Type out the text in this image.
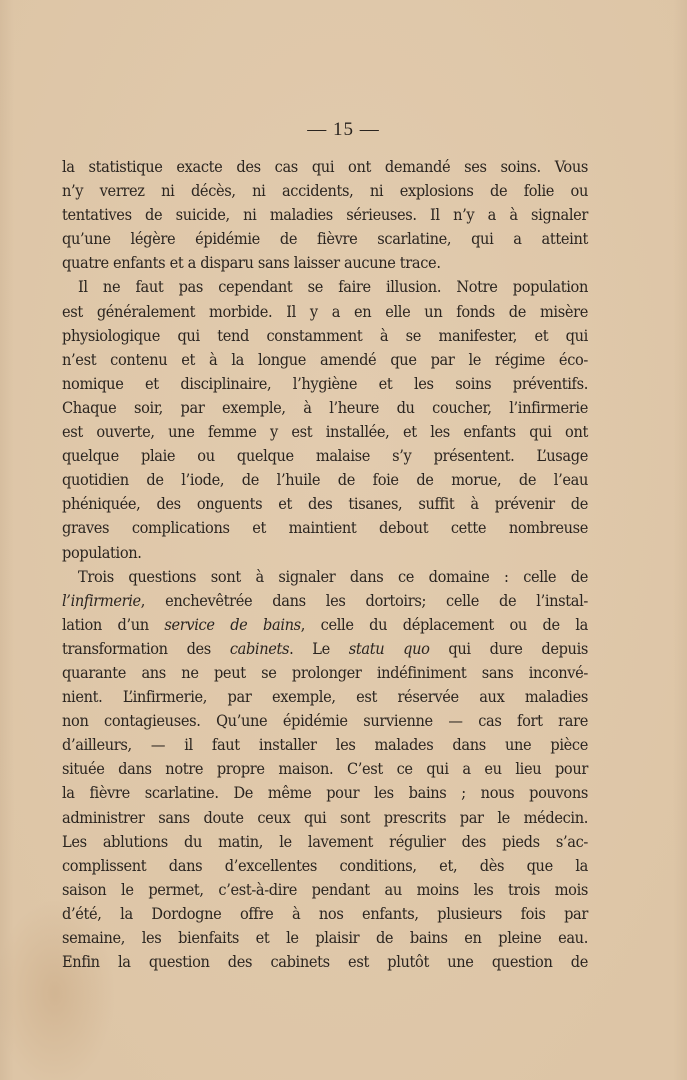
— 15 —
la statistique exacte des cas qui ont demandé ses soins. Vous
n’y verrez ni décès, ni accidents, ni explosions de folie ou
tentatives de suicide, ni maladies sérieuses. Il n’y a à signaler
qu’une légère épidémie de fièvre scarlatine, qui a atteint
quatre enfants et a disparu sans laisser aucune trace.
Il ne faut pas cependant se faire illusion. Notre population
est généralement morbide. Il y a en elle un fonds de misère
physiologique qui tend constamment à se manifester, et qui
n’est contenu et à la longue amendé que par le régime éco-
nomique et disciplinaire, l’hygiène et les soins préventifs.
Chaque soir, par exemple, à l’heure du coucher, l’infirmerie
est ouverte, une femme y est installée, et les enfants qui ont
quelque plaie ou quelque malaise s’y présentent. L’usage
quotidien de l’iode, de l’huile de foie de morue, de l’eau
phéniquée, des onguents et des tisanes, suffit à prévenir de
graves complications et maintient debout cette nombreuse
population.
Trois questions sont à signaler dans ce domaine : celle de
l’infirmerie, enchevêtrée dans les dortoirs; celle de l’instal-
lation d’un service de bains, celle du déplacement ou de la
transformation des cabinets. Le statu quo qui dure depuis
quarante ans ne peut se prolonger indéfiniment sans inconvé-
nient. L’infirmerie, par exemple, est réservée aux maladies
non contagieuses. Qu’une épidémie survienne — cas fort rare
d’ailleurs, — il faut installer les malades dans une pièce
située dans notre propre maison. C’est ce qui a eu lieu pour
la fièvre scarlatine. De même pour les bains ; nous pouvons
administrer sans doute ceux qui sont prescrits par le médecin.
Les ablutions du matin, le lavement régulier des pieds s’ac-
complissent dans d’excellentes conditions, et, dès que la
saison le permet, c’est-à-dire pendant au moins les trois mois
d’été, la Dordogne offre à nos enfants, plusieurs fois par
semaine, les bienfaits et le plaisir de bains en pleine eau.
Enfin la question des cabinets est plutôt une question de
